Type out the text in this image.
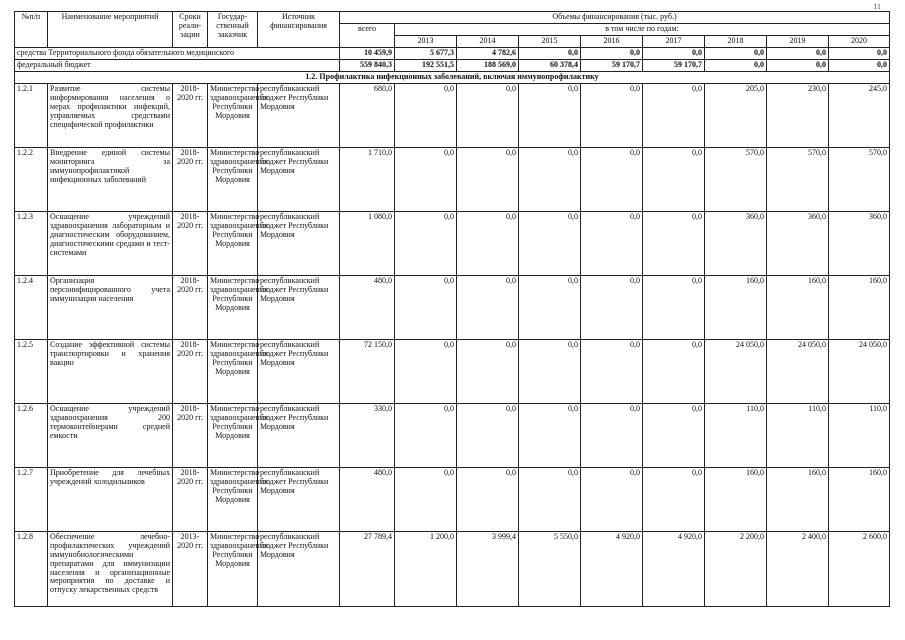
11
№п/п	Наименование мероприятий	Сроки реали-зации	Государ-ственный заказчик	Источник финансирования	Объемы финансирования (тыс. руб.)								
					всего	в том числе по годам:							
						2013	2014	2015	2016	2017	2018	2019	2020
средства Территориального фонда обязательного медицинского					10 459,9	5 677,3	4 782,6	0,0	0,0	0,0	0,0	0,0	0,0
федеральный бюджет					559 840,3	192 551,5	188 569,0	60 378,4	59 170,7	59 170,7	0,0	0,0	0,0
1.2. Профилактика инфекционных заболеваний, включая иммунопрофилактику													
1.2.1	Развитие системы информирования населения о мерах профилактики инфекций, управляемых средствами специфической профилактики	2018-2020 гг.	Министерство здравоохранения Республики Мордовия	республиканский бюджет Республики Мордовия	680,0	0,0	0,0	0,0	0,0	0,0	205,0	230,0	245,0
1.2.2	Внедрение единой системы мониторинга за иммунопрофилактикой инфекционных заболеваний	2018-2020 гг.	Министерство здравоохранения Республики Мордовия	республиканский бюджет Республики Мордовия	1 710,0	0,0	0,0	0,0	0,0	0,0	570,0	570,0	570,0
1.2.3	Оснащение учреждений здравоохранения лабораторным и диагностическим оборудованием, диагностическими средами и тест-системами	2018-2020 гг.	Министерство здравоохранения Республики Мордовия	республиканский бюджет Республики Мордовия	1 080,0	0,0	0,0	0,0	0,0	0,0	360,0	360,0	360,0
1.2.4	Организация персонифицированного учета иммунизации населения	2018-2020 гг.	Министерство здравоохранения Республики Мордовия	республиканский бюджет Республики Мордовия	480,0	0,0	0,0	0,0	0,0	0,0	160,0	160,0	160,0
1.2.5	Создание эффективной системы транспортировки и хранения вакцин	2018-2020 гг.	Министерство здравоохранения Республики Мордовия	республиканский бюджет Республики Мордовия	72 150,0	0,0	0,0	0,0	0,0	0,0	24 050,0	24 050,0	24 050,0
1.2.6	Оснащение учреждений здравоохранения 200 термоконтейнерами средней емкости	2018-2020 гг.	Министерство здравоохранения Республики Мордовия	республиканский бюджет Республики Мордовия	330,0	0,0	0,0	0,0	0,0	0,0	110,0	110,0	110,0
1.2.7	Приобретение для лечебных учреждений холодильников	2018-2020 гг.	Министерство здравоохранения Республики Мордовия	республиканский бюджет Республики Мордовия	480,0	0,0	0,0	0,0	0,0	0,0	160,0	160,0	160,0
1.2.8	Обеспечение лечебно-профилактических учреждений иммунобиологическими препаратами для иммунизации населения и организационные мероприятия по доставке и отпуску лекарственных средств	2013-2020 гг.	Министерство здравоохранения Республики Мордовия	республиканский бюджет Республики Мордовия	27 789,4	1 200,0	3 999,4	5 550,0	4 920,0	4 920,0	2 200,0	2 400,0	2 600,0
